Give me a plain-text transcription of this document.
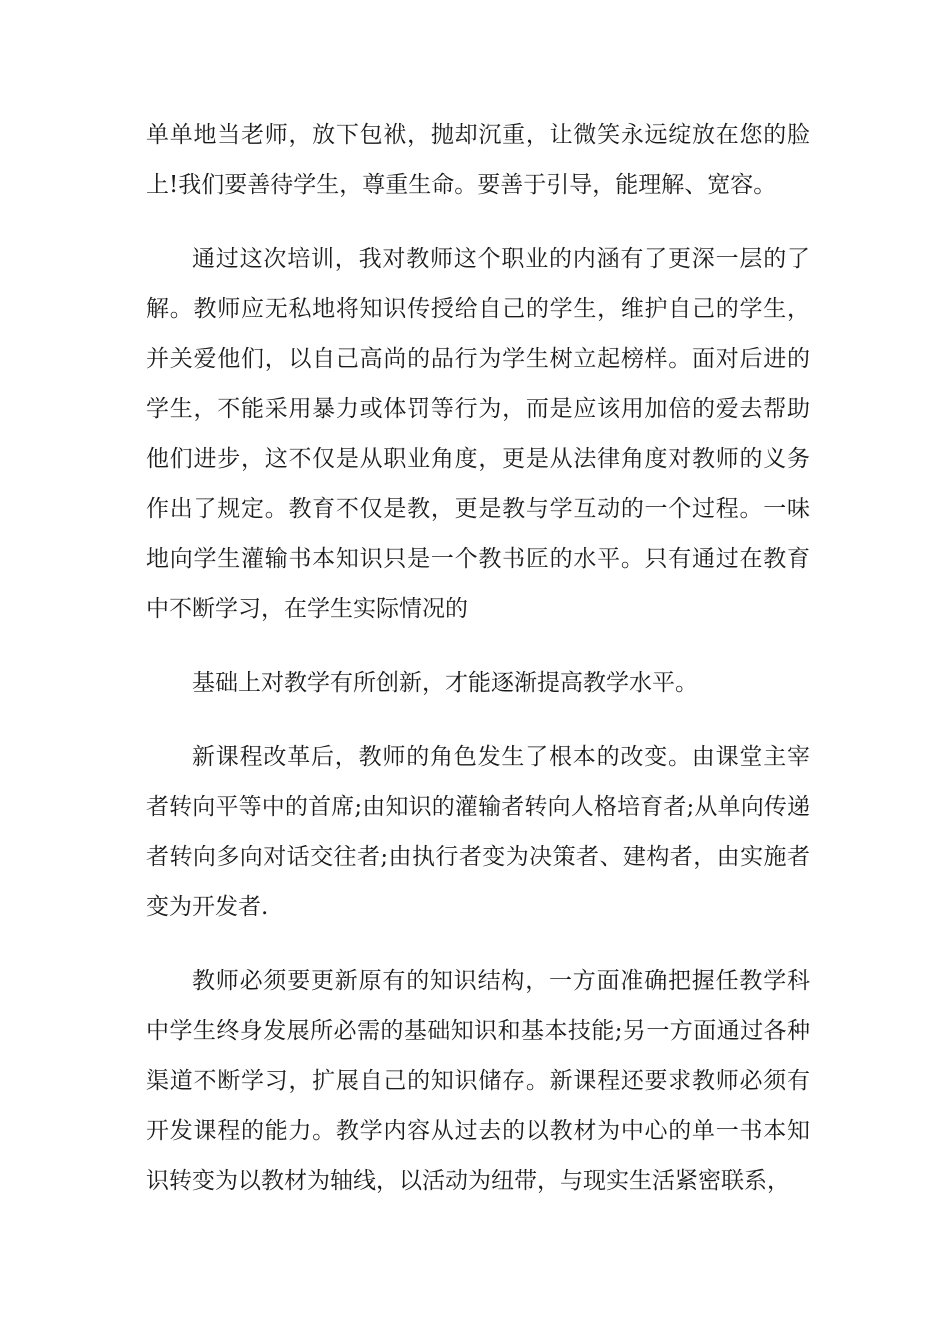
单单地当老师，放下包袱，抛却沉重，让微笑永远绽放在您的脸上!我们要善待学生，尊重生命。要善于引导，能理解、宽容。

通过这次培训，我对教师这个职业的内涵有了更深一层的了解。教师应无私地将知识传授给自己的学生，维护自己的学生，并关爱他们，以自己高尚的品行为学生树立起榜样。面对后进的学生，不能采用暴力或体罚等行为，而是应该用加倍的爱去帮助他们进步，这不仅是从职业角度，更是从法律角度对教师的义务作出了规定。教育不仅是教，更是教与学互动的一个过程。一味地向学生灌输书本知识只是一个教书匠的水平。只有通过在教育中不断学习，在学生实际情况的

基础上对教学有所创新，才能逐渐提高教学水平。

新课程改革后，教师的角色发生了根本的改变。由课堂主宰者转向平等中的首席;由知识的灌输者转向人格培育者;从单向传递者转向多向对话交往者;由执行者变为决策者、建构者，由实施者变为开发者.

教师必须要更新原有的知识结构，一方面准确把握任教学科中学生终身发展所必需的基础知识和基本技能;另一方面通过各种渠道不断学习，扩展自己的知识储存。新课程还要求教师必须有开发课程的能力。教学内容从过去的以教材为中心的单一书本知识转变为以教材为轴线，以活动为纽带，与现实生活紧密联系，
